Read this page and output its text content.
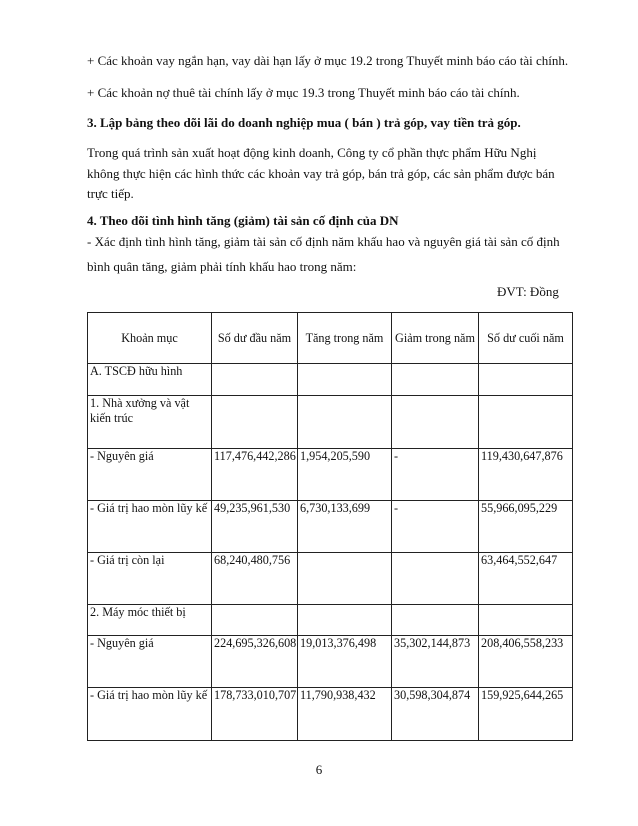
+ Các khoản vay ngắn hạn, vay dài hạn lấy ở mục 19.2 trong Thuyết minh báo cáo tài chính.
+ Các khoản nợ thuê tài chính lấy ở mục 19.3 trong Thuyết minh báo cáo tài chính.
3. Lập bảng theo dõi lãi do doanh nghiệp mua ( bán ) trả góp, vay tiền trả góp.
Trong quá trình sản xuất hoạt động kinh doanh, Công ty cổ phần thực phẩm Hữu Nghị
không thực hiện các hình thức các khoản vay trả góp, bán trả góp, các sản phẩm được bán
trực tiếp.
4. Theo dõi tình hình tăng (giảm) tài sản cố định của DN
- Xác định tình hình tăng, giảm tài sản cố định năm khấu hao và nguyên giá tài sản cố định
bình quân tăng, giảm phải tính khấu hao trong năm:
ĐVT: Đồng
Khoản mục	Số dư đầu năm	Tăng trong năm	Giảm trong năm	Số dư cuối năm
A. TSCĐ hữu hình				
1. Nhà xưởng và vật kiến trúc				
- Nguyên giá	117,476,442,286	1,954,205,590	-	119,430,647,876
- Giá trị hao mòn lũy kế	49,235,961,530	6,730,133,699	-	55,966,095,229
- Giá trị còn lại	68,240,480,756			63,464,552,647
2. Máy móc thiết bị				
- Nguyên giá	224,695,326,608	19,013,376,498	35,302,144,873	208,406,558,233
- Giá trị hao mòn lũy kế	178,733,010,707	11,790,938,432	30,598,304,874	159,925,644,265
6
